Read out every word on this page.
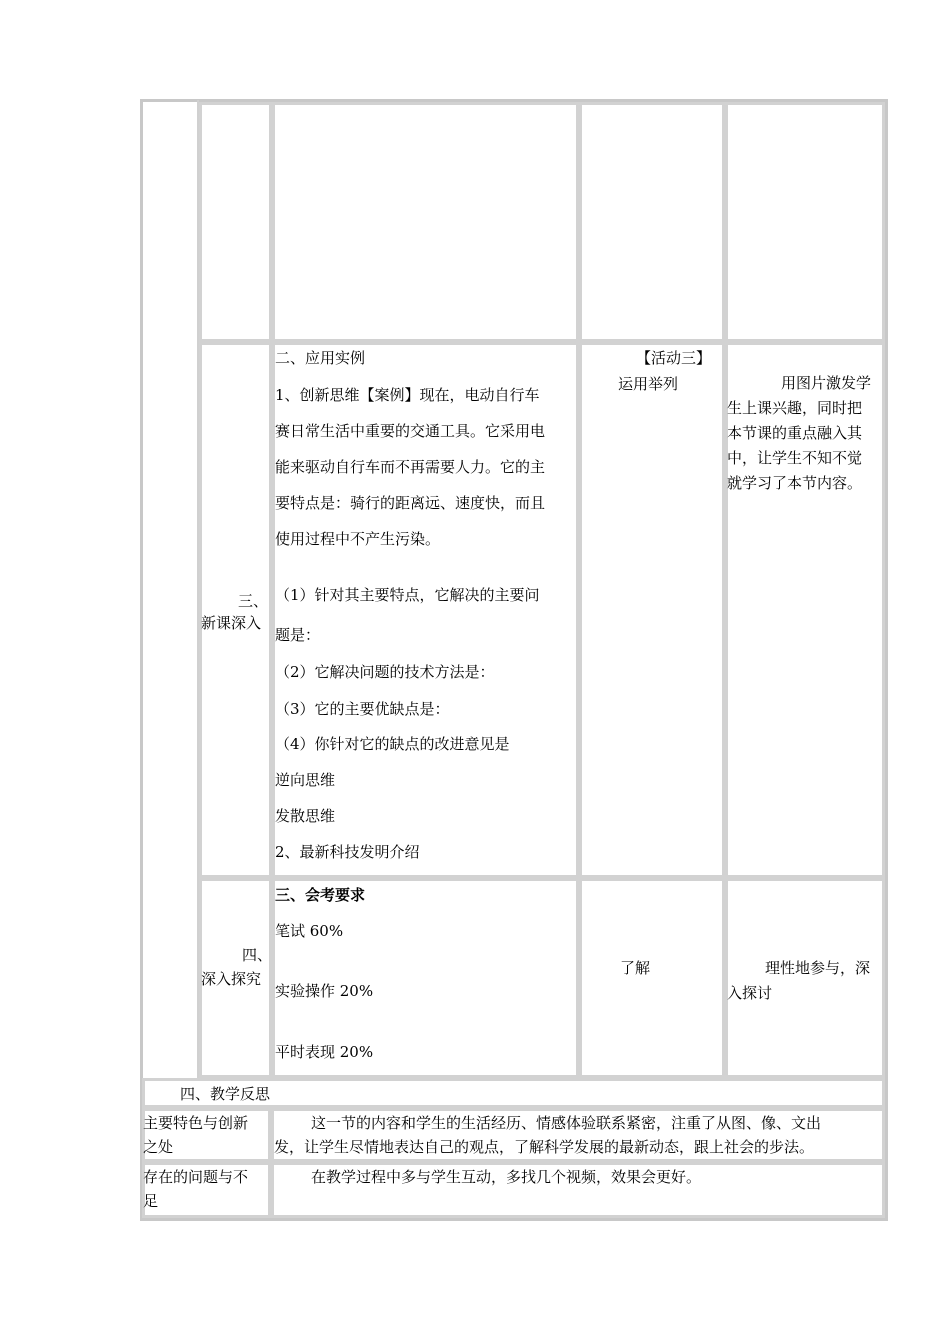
三、
新课深入
二、应用实例
1、创新思维【案例】现在，电动自行车
赛日常生活中重要的交通工具。它采用电
能来驱动自行车而不再需要人力。它的主
要特点是：骑行的距离远、速度快，而且
使用过程中不产生污染。
（1）针对其主要特点，它解决的主要问
题是：
（2）它解决问题的技术方法是：
（3）它的主要优缺点是：
（4）你针对它的缺点的改进意见是
逆向思维
发散思维
2、最新科技发明介绍
【活动三】
运用举列	用图片激发学
生上课兴趣，同时把
本节课的重点融入其
中，让学生不知不觉
就学习了本节内容。
四、
深入探究
三、会考要求
笔试 60%
实验操作 20%
平时表现 20%
了解	理性地参与，深
入探讨
四、教学反思
主要特色与创新
之处
这一节的内容和学生的生活经历、情感体验联系紧密，注重了从图、像、文出
发，让学生尽情地表达自己的观点，了解科学发展的最新动态，跟上社会的步法。
存在的问题与不
足
在教学过程中多与学生互动，多找几个视频，效果会更好。
